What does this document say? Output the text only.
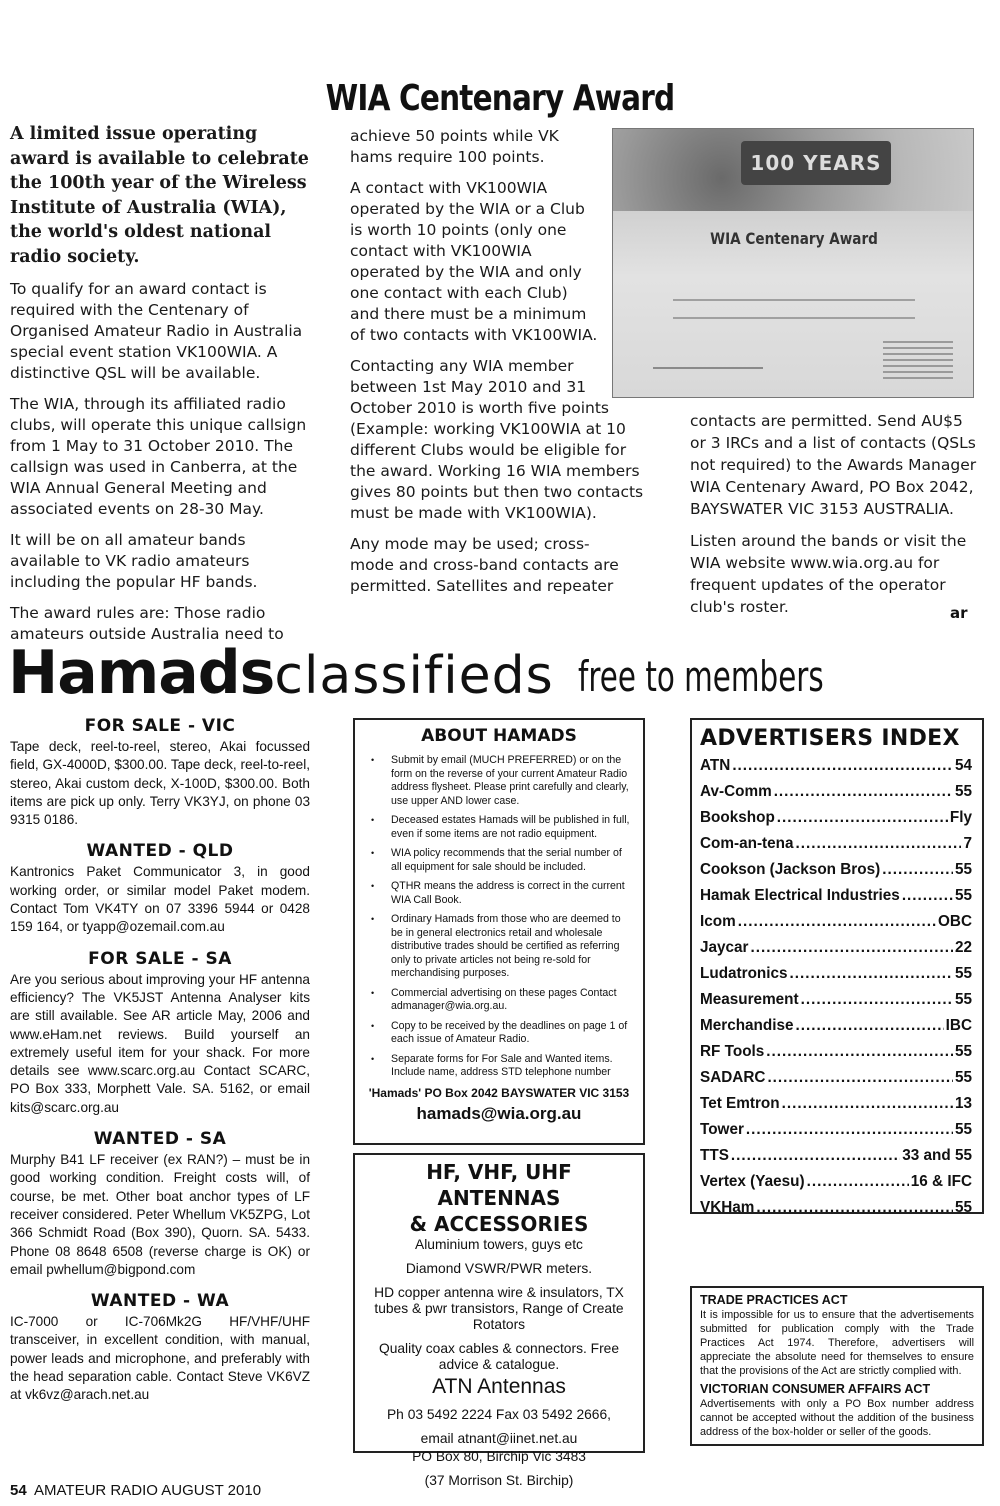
WIA Centenary Award

A limited issue operating award is available to celebrate the 100th year of the Wireless Institute of Australia (WIA), the world's oldest national radio society.

To qualify for an award contact is required with the Centenary of Organised Amateur Radio in Australia special event station VK100WIA. A distinctive QSL will be available.

The WIA, through its affiliated radio clubs, will operate this unique callsign from 1 May to 31 October 2010. The callsign was used in Canberra, at the WIA Annual General Meeting and associated events on 28-30 May.

It will be on all amateur bands available to VK radio amateurs including the popular HF bands.

The award rules are: Those radio amateurs outside Australia need to

achieve 50 points while VK hams require 100 points.

A contact with VK100WIA operated by the WIA or a Club is worth 10 points (only one contact with VK100WIA operated by the WIA and only one contact with each Club) and there must be a minimum of two contacts with VK100WIA.

Contacting any WIA member between 1st May 2010 and 31 October 2010 is worth five points (Example: working VK100WIA at 10 different Clubs would be eligible for the award. Working 16 WIA members gives 80 points but then two contacts must be made with VK100WIA).

Any mode may be used; cross-mode and cross-band contacts are permitted. Satellites and repeater

100 YEARS
WIA Centenary Award

contacts are permitted. Send AU$5 or 3 IRCs and a list of contacts (QSLs not required) to the Awards Manager WIA Centenary Award, PO Box 2042, BAYSWATER VIC 3153 AUSTRALIA.

Listen around the bands or visit the WIA website www.wia.org.au for frequent updates of the operator club's roster.	ar
Hamadsclassifieds free to members
FOR SALE - VIC

Tape deck, reel-to-reel, stereo, Akai focussed field, GX-4000D, $300.00. Tape deck, reel-to-reel, stereo, Akai custom deck, X-100D, $300.00. Both items are pick up only. Terry VK3YJ, on phone 03 9315 0186.

WANTED - QLD

Kantronics Paket Communicator 3, in good working order, or similar model Paket modem. Contact Tom VK4TY on 07 3396 5944 or 0428 159 164, or tyapp@ozemail.com.au

FOR SALE - SA

Are you serious about improving your HF antenna efficiency? The VK5JST Antenna Analyser kits are still available. See AR article May, 2006 and www.eHam.net reviews. Build yourself an extremely useful item for your shack. For more details see www.scarc.org.au Contact SCARC, PO Box 333, Morphett Vale. SA. 5162, or email kits@scarc.org.au

WANTED - SA

Murphy B41 LF receiver (ex RAN?) – must be in good working condition. Freight costs will, of course, be met. Other boat anchor types of LF receiver considered. Peter Whellum VK5ZPG, Lot 366 Schmidt Road (Box 390), Quorn. SA. 5433. Phone 08 8648 6508 (reverse charge is OK) or email pwhellum@bigpond.com

WANTED - WA

IC-7000 or IC-706Mk2G HF/VHF/UHF transceiver, in excellent condition, with manual, power leads and microphone, and preferably with the head separation cable. Contact Steve VK6VZ at vk6vz@arach.net.au

ABOUT HAMADS
• Submit by email (MUCH PREFERRED) or on the form on the reverse of your current Amateur Radio address flysheet. Please print carefully and clearly, use upper AND lower case.
• Deceased estates Hamads will be published in full, even if some items are not radio equipment.
• WIA policy recommends that the serial number of all equipment for sale should be included.
• QTHR means the address is correct in the current WIA Call Book.
• Ordinary Hamads from those who are deemed to be in general electronics retail and wholesale distributive trades should be certified as referring only to private articles not being re-sold for merchandising purposes.
• Commercial advertising on these pages Contact admanager@wia.org.au.
• Copy to be received by the deadlines on page 1 of each issue of Amateur Radio.
• Separate forms for For Sale and Wanted items. Include name, address STD telephone number
'Hamads' PO Box 2042 BAYSWATER VIC 3153
hamads@wia.org.au
HF, VHF, UHF ANTENNAS
& ACCESSORIES

Aluminium towers, guys etc

Diamond VSWR/PWR meters.

HD copper antenna wire & insulators, TX tubes & pwr transistors, Range of Create Rotators

Quality coax cables & connectors. Free advice & catalogue.

ATN Antennas

Ph 03 5492 2224 Fax 03 5492 2666,

email atnant@iinet.net.au

PO Box 80, Birchip Vic 3483

(37 Morrison St. Birchip)

ADVERTISERS INDEX
ATN .....	54
Av-Comm .....	55
Bookshop .....	Fly
Com-an-tena .....	7
Cookson (Jackson Bros) .....	55
Hamak Electrical Industries .....	55
Icom .....	OBC
Jaycar .....	22
Ludatronics .....	55
Measurement .....	55
Merchandise .....	IBC
RF Tools .....	55
SADARC .....	55
Tet Emtron .....	13
Tower .....	55
TTS .....	33 and 55
Vertex (Yaesu) .....	16 & IFC
VKHam .....	55
TRADE PRACTICES ACT

It is impossible for us to ensure that the advertisements submitted for publication comply with the Trade Practices Act 1974. Therefore, advertisers will appreciate the absolute need for themselves to ensure that the provisions of the Act are strictly complied with.

VICTORIAN CONSUMER AFFAIRS ACT

Advertisements with only a PO Box number address cannot be accepted without the addition of the business address of the box-holder or seller of the goods.

54 AMATEUR RADIO AUGUST 2010
